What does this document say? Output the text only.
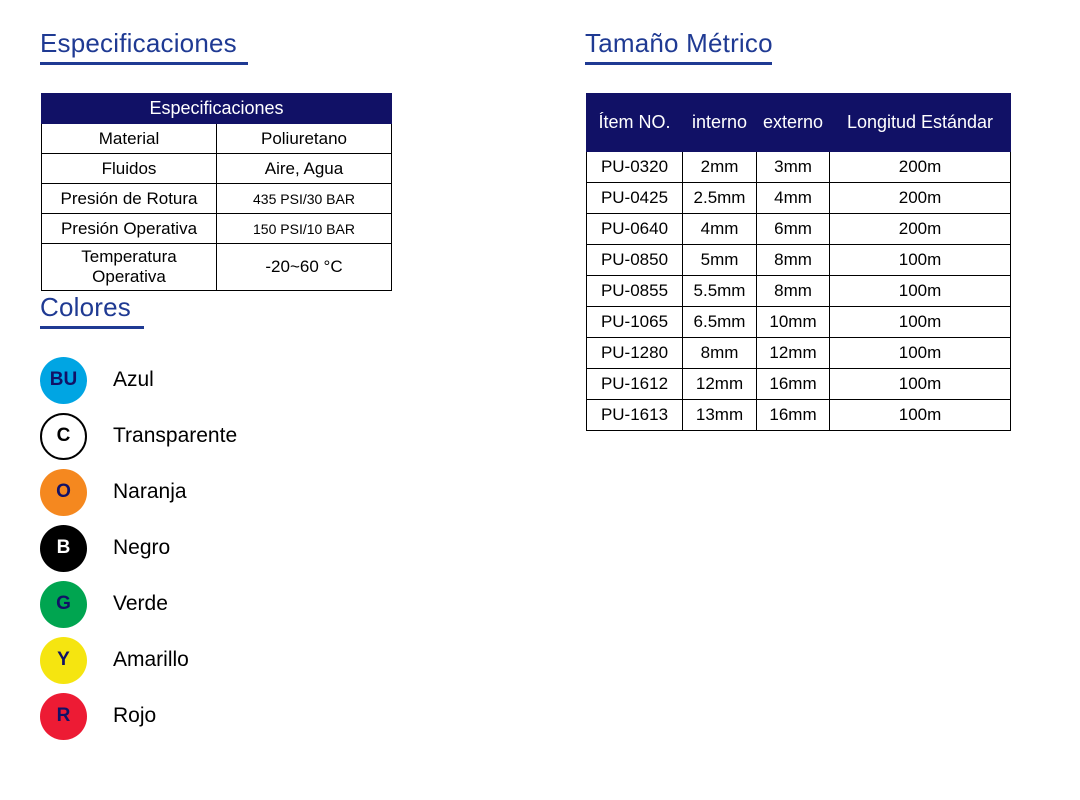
Especificaciones
Especificaciones	
Material	Poliuretano
Fluidos	Aire, Agua
Presión de Rotura	435 PSI/30 BAR
Presión Operativa	150 PSI/10 BAR
Temperatura Operativa	-20~60 °C
Colores
BU	Azul
C	Transparente
O	Naranja
B	Negro
G	Verde
Y	Amarillo
R	Rojo
Tamaño Métrico
Ítem NO.	interno	externo	Longitud Estándar
PU-0320	2mm	3mm	200m
PU-0425	2.5mm	4mm	200m
PU-0640	4mm	6mm	200m
PU-0850	5mm	8mm	100m
PU-0855	5.5mm	8mm	100m
PU-1065	6.5mm	10mm	100m
PU-1280	8mm	12mm	100m
PU-1612	12mm	16mm	100m
PU-1613	13mm	16mm	100m
